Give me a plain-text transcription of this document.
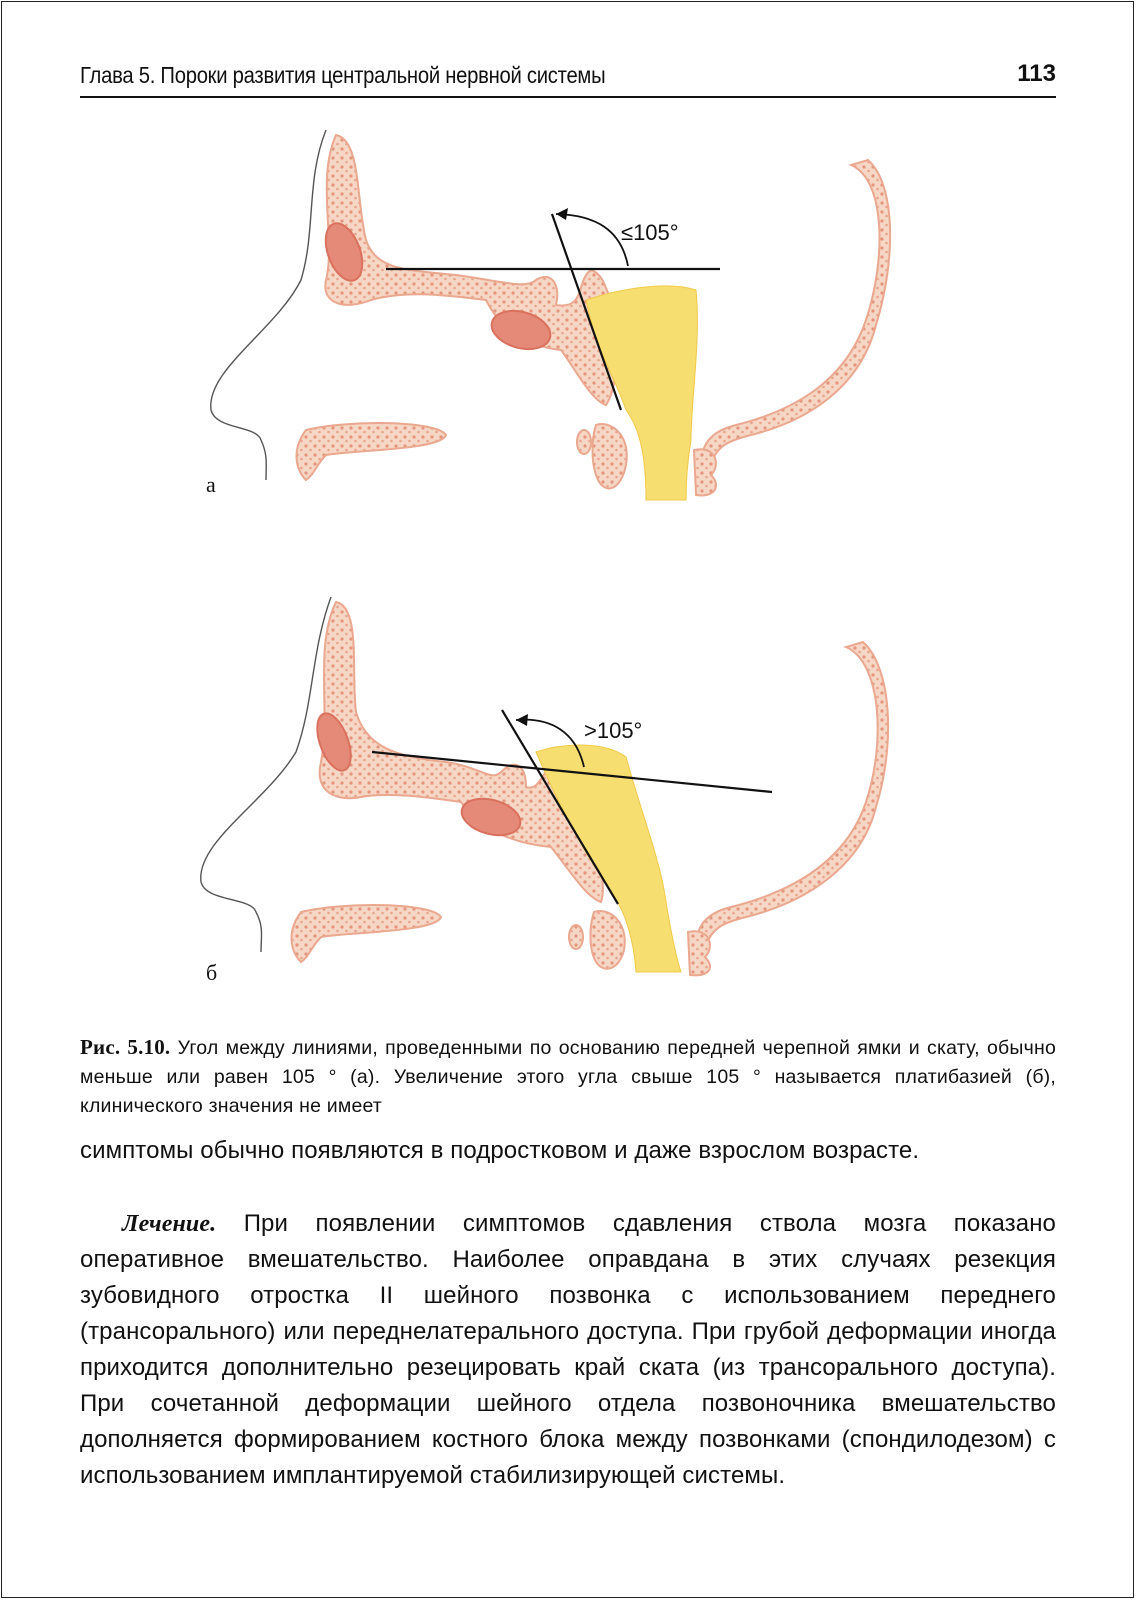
Глава 5. Пороки развития центральной нервной системы	113
≤105°
а
>105°
б
Рис. 5.10. Угол между линиями, проведенными по основанию передней черепной ямки и скату, обычно меньше или равен 105 ° (а). Увеличение этого угла свыше 105 ° называется платибазией (б), клинического значения не имеет
симптомы обычно появляются в подростковом и даже взрослом возрасте.
Лечение. При появлении симптомов сдавления ствола мозга показано оперативное вмешательство. Наиболее оправдана в этих случаях резекция зубовидного отростка II шейного позвонка с использованием переднего (трансорального) или переднелатерального доступа. При грубой деформации иногда приходится дополнительно резецировать край ската (из трансорального доступа). При сочетанной деформации шейного отдела позвоночника вмешательство дополняется формированием костного блока между позвонками (спондилодезом) с использованием имплантируемой стабилизирующей системы.
